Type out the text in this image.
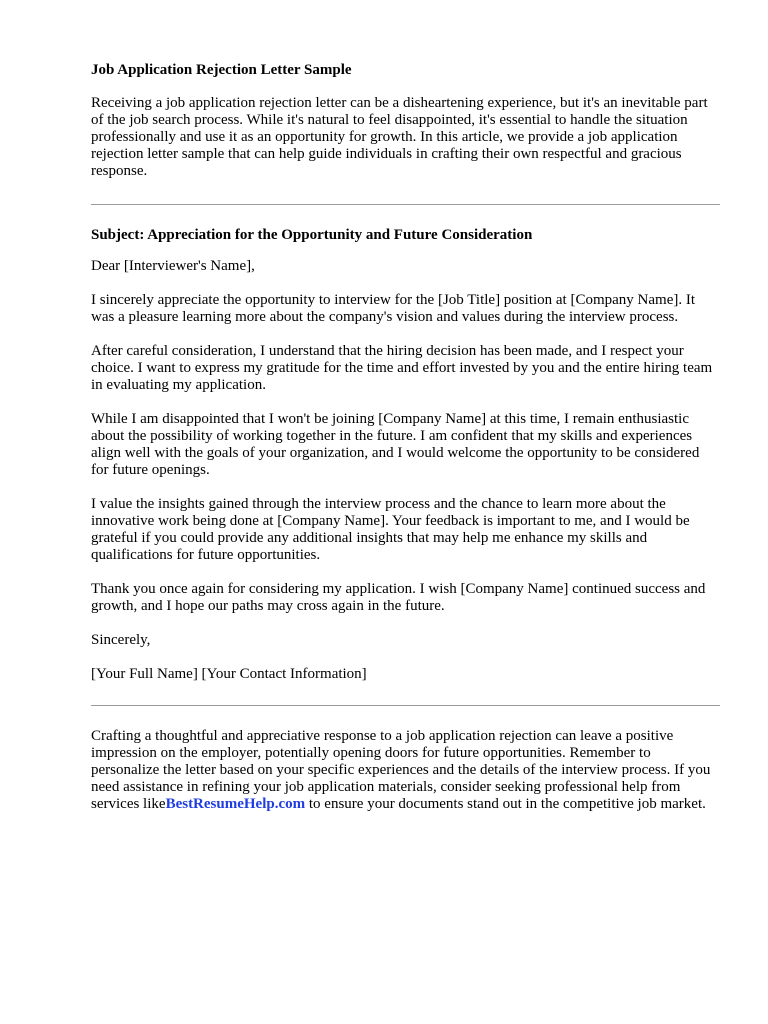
Job Application Rejection Letter Sample

Receiving a job application rejection letter can be a disheartening experience, but it's an inevitable part of the job search process. While it's natural to feel disappointed, it's essential to handle the situation professionally and use it as an opportunity for growth. In this article, we provide a job application rejection letter sample that can help guide individuals in crafting their own respectful and gracious response.

Subject: Appreciation for the Opportunity and Future Consideration

Dear [Interviewer's Name],

I sincerely appreciate the opportunity to interview for the [Job Title] position at [Company Name]. It was a pleasure learning more about the company's vision and values during the interview process.

After careful consideration, I understand that the hiring decision has been made, and I respect your choice. I want to express my gratitude for the time and effort invested by you and the entire hiring team in evaluating my application.

While I am disappointed that I won't be joining [Company Name] at this time, I remain enthusiastic about the possibility of working together in the future. I am confident that my skills and experiences align well with the goals of your organization, and I would welcome the opportunity to be considered for future openings.

I value the insights gained through the interview process and the chance to learn more about the innovative work being done at [Company Name]. Your feedback is important to me, and I would be grateful if you could provide any additional insights that may help me enhance my skills and qualifications for future opportunities.

Thank you once again for considering my application. I wish [Company Name] continued success and growth, and I hope our paths may cross again in the future.

Sincerely,

[Your Full Name] [Your Contact Information]

Crafting a thoughtful and appreciative response to a job application rejection can leave a positive impression on the employer, potentially opening doors for future opportunities. Remember to personalize the letter based on your specific experiences and the details of the interview process. If you need assistance in refining your job application materials, consider seeking professional help from services likeBestResumeHelp.com to ensure your documents stand out in the competitive job market.
